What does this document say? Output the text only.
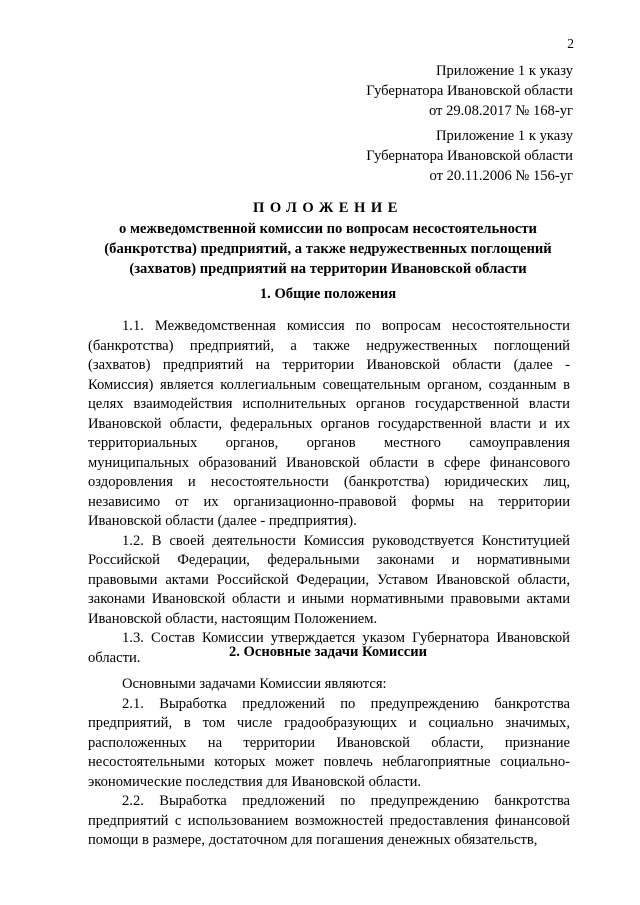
2
Приложение 1 к указу
Губернатора Ивановской области
от 29.08.2017 № 168-уг
Приложение 1 к указу
Губернатора Ивановской области
от 20.11.2006 № 156-уг
ПОЛОЖЕНИЕ
о межведомственной комиссии по вопросам несостоятельности
(банкротства) предприятий, а также недружественных поглощений
(захватов) предприятий на территории Ивановской области
1. Общие положения

1.1. Межведомственная комиссия по вопросам несостоятельности (банкротства) предприятий, а также недружественных поглощений (захватов) предприятий на территории Ивановской области (далее - Комиссия) является коллегиальным совещательным органом, созданным в целях взаимодействия исполнительных органов государственной власти Ивановской области, федеральных органов государственной власти и их территориальных органов, органов местного самоуправления муниципальных образований Ивановской области в сфере финансового оздоровления и несостоятельности (банкротства) юридических лиц, независимо от их организационно-правовой формы на территории Ивановской области (далее - предприятия).

1.2. В своей деятельности Комиссия руководствуется Конституцией Российской Федерации, федеральными законами и нормативными правовыми актами Российской Федерации, Уставом Ивановской области, законами Ивановской области и иными нормативными правовыми актами Ивановской области, настоящим Положением.

1.3. Состав Комиссии утверждается указом Губернатора Ивановской области.	2. Основные задачи Комиссии

Основными задачами Комиссии являются:

2.1. Выработка предложений по предупреждению банкротства предприятий, в том числе градообразующих и социально значимых, расположенных на территории Ивановской области, признание несостоятельными которых может повлечь неблагоприятные социально-экономические последствия для Ивановской области.

2.2. Выработка предложений по предупреждению банкротства предприятий с использованием возможностей предоставления финансовой помощи в размере, достаточном для погашения денежных обязательств,
